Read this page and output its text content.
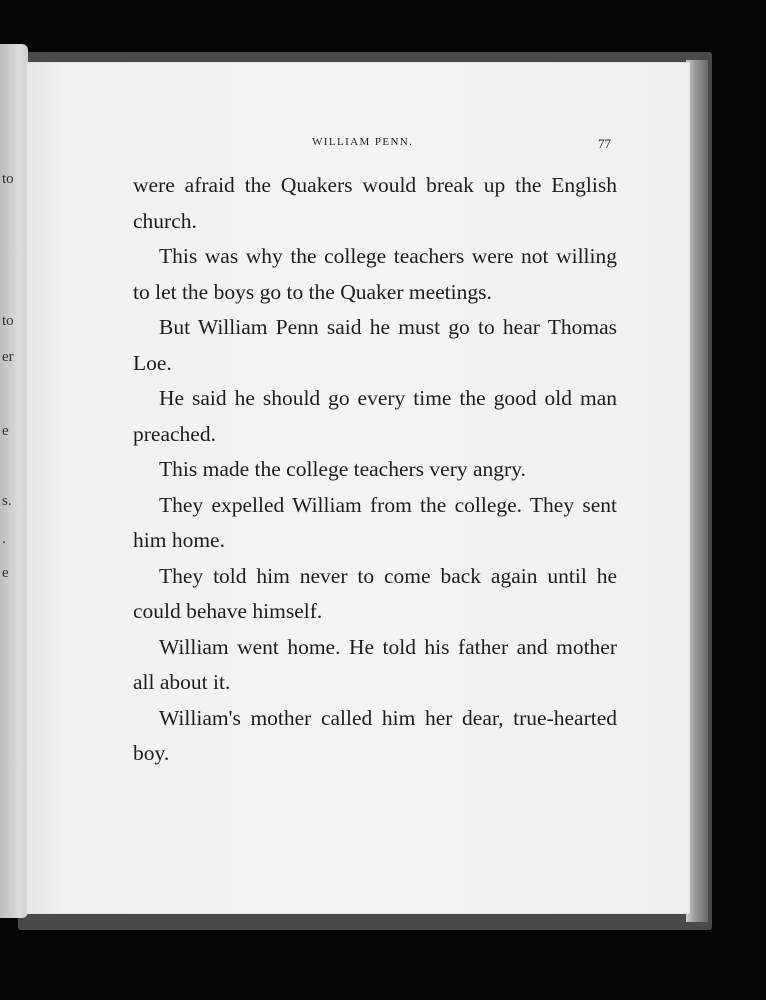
to
to
er
e
s.
.
e
WILLIAM PENN.	77

were afraid the Quakers would break up the English church.

This was why the college teachers were not willing to let the boys go to the Quaker meetings.

But William Penn said he must go to hear Thomas Loe.

He said he should go every time the good old man preached.

This made the college teachers very angry.

They expelled William from the college. They sent him home.

They told him never to come back again until he could behave himself.

William went home. He told his father and mother all about it.

William's mother called him her dear, true-hearted boy.
